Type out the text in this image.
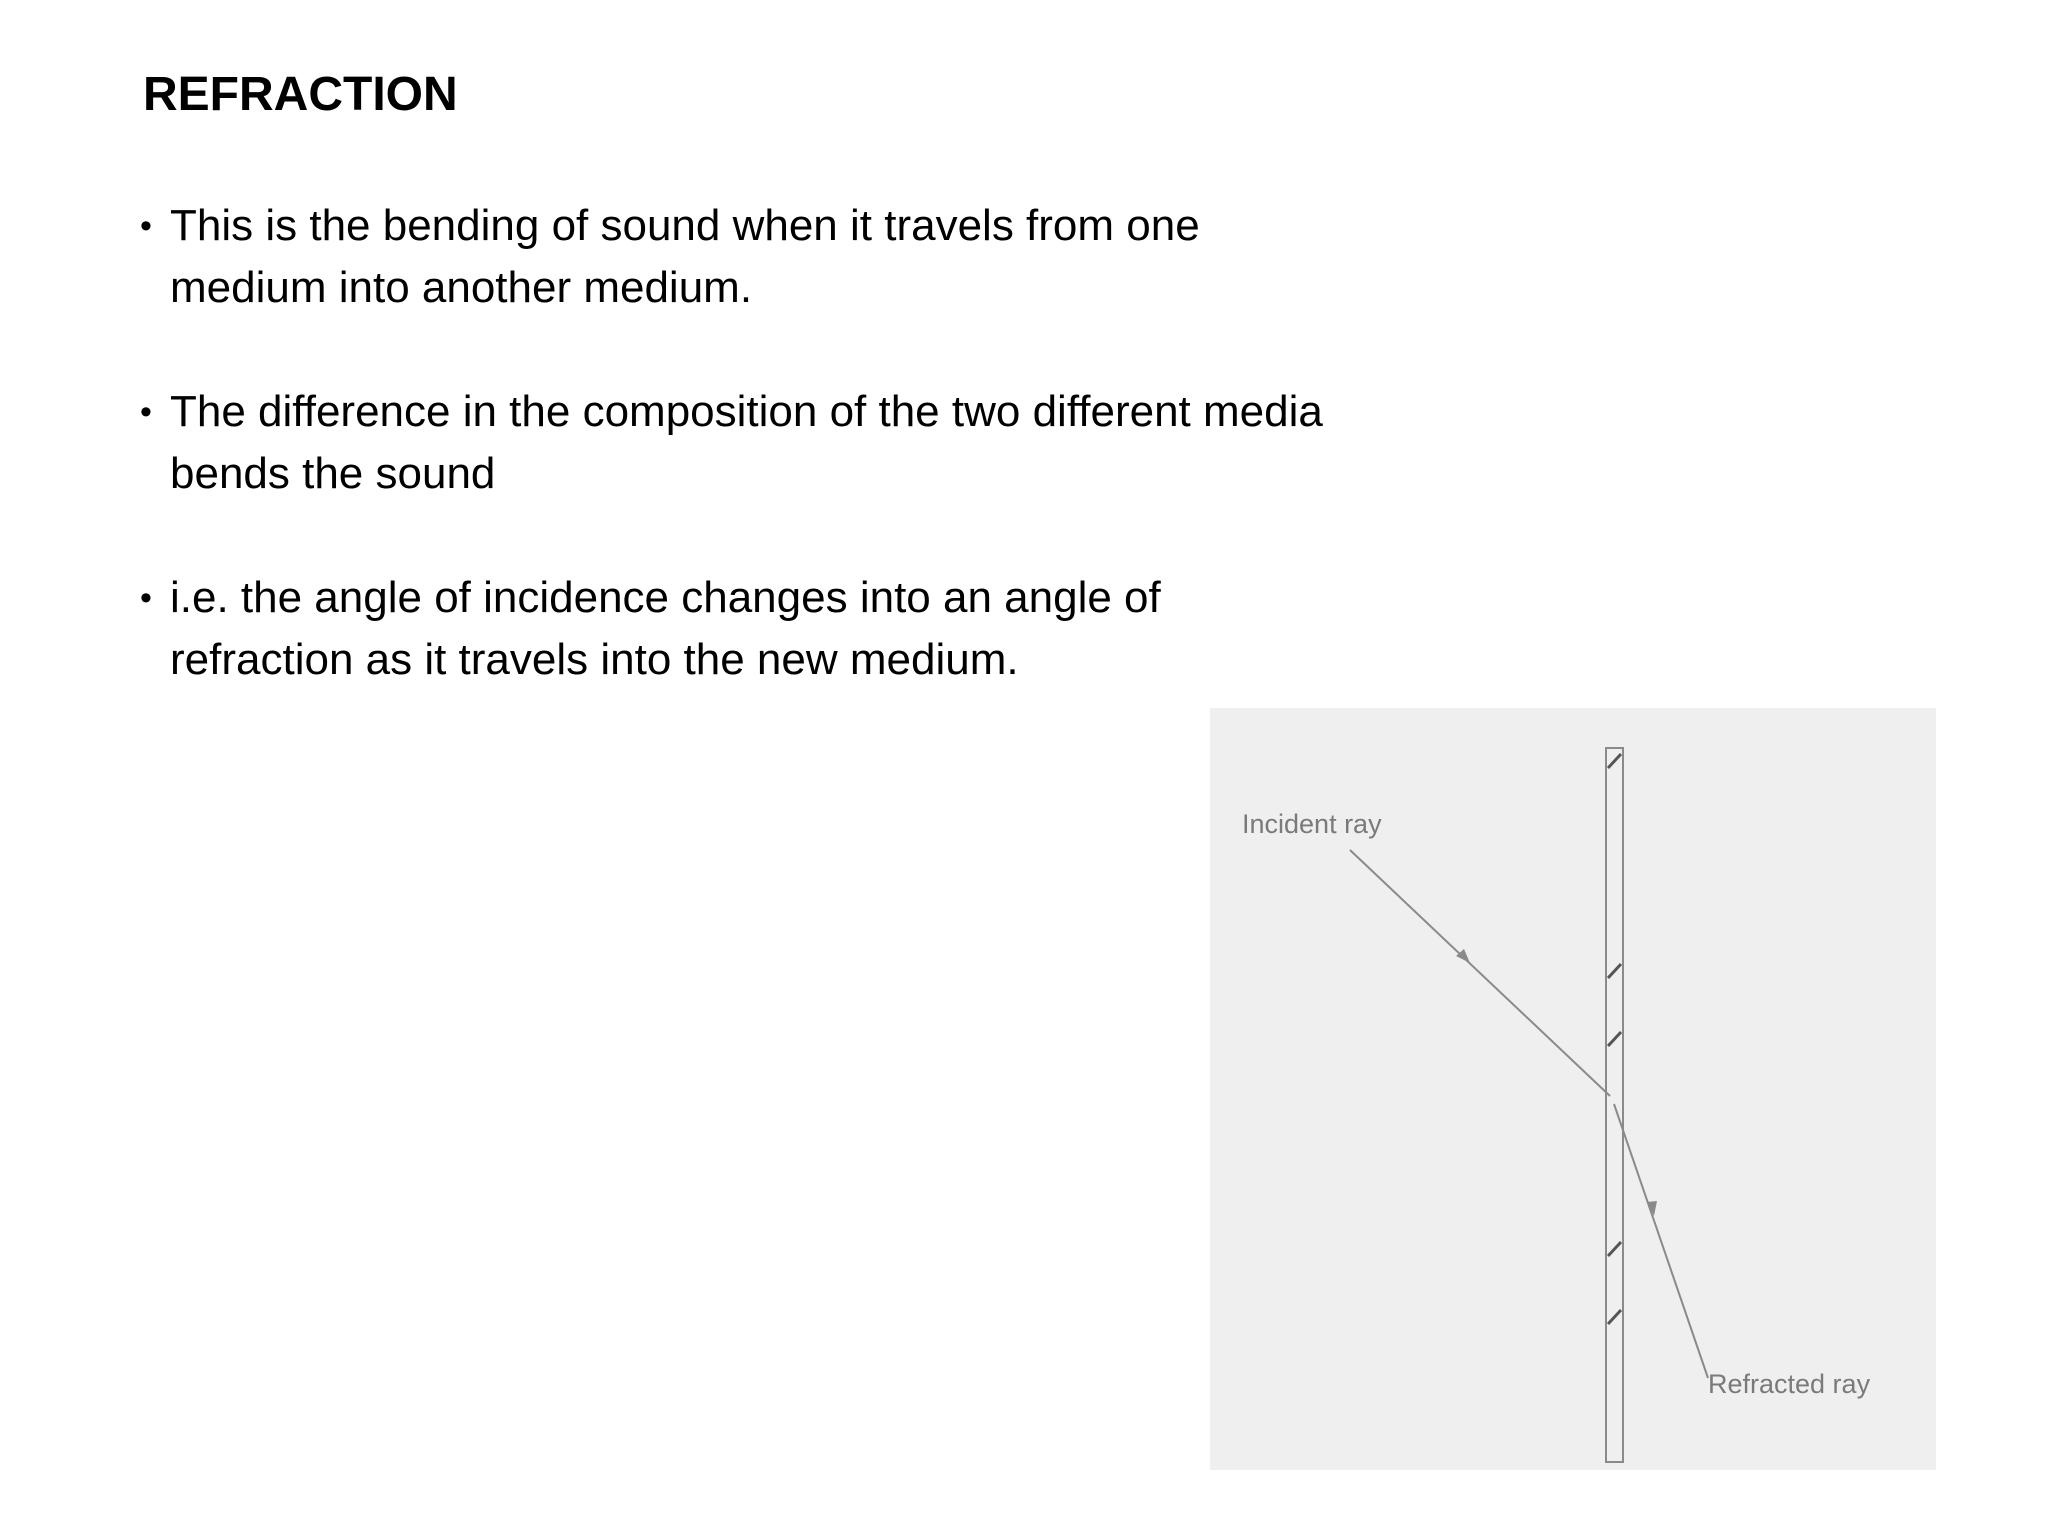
REFRACTION
• This is the bending of sound when it travels from one medium into another medium.
• The difference in the composition of the two different media bends the sound
• i.e. the angle of incidence changes into an angle of refraction as it travels into the new medium.
Incident ray
Refracted ray
